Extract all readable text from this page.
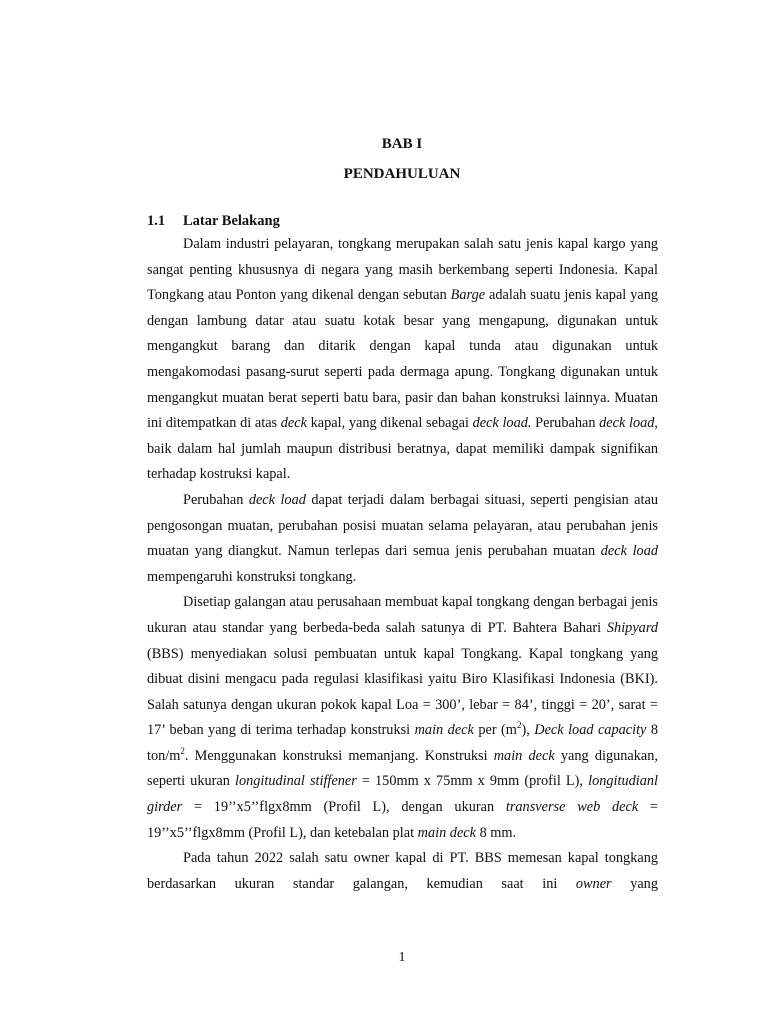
BAB I
PENDAHULUAN
1.1 Latar Belakang

Dalam industri pelayaran, tongkang merupakan salah satu jenis kapal kargo yang sangat penting khususnya di negara yang masih berkembang seperti Indonesia. Kapal Tongkang atau Ponton yang dikenal dengan sebutan Barge adalah suatu jenis kapal yang dengan lambung datar atau suatu kotak besar yang mengapung, digunakan untuk mengangkut barang dan ditarik dengan kapal tunda atau digunakan untuk mengakomodasi pasang-surut seperti pada dermaga apung. Tongkang digunakan untuk mengangkut muatan berat seperti batu bara, pasir dan bahan konstruksi lainnya. Muatan ini ditempatkan di atas deck kapal, yang dikenal sebagai deck load. Perubahan deck load, baik dalam hal jumlah maupun distribusi beratnya, dapat memiliki dampak signifikan terhadap kostruksi kapal.

Perubahan deck load dapat terjadi dalam berbagai situasi, seperti pengisian atau pengosongan muatan, perubahan posisi muatan selama pelayaran, atau perubahan jenis muatan yang diangkut. Namun terlepas dari semua jenis perubahan muatan deck load mempengaruhi konstruksi tongkang.

Disetiap galangan atau perusahaan membuat kapal tongkang dengan berbagai jenis ukuran atau standar yang berbeda-beda salah satunya di PT. Bahtera Bahari Shipyard (BBS) menyediakan solusi pembuatan untuk kapal Tongkang. Kapal tongkang yang dibuat disini mengacu pada regulasi klasifikasi yaitu Biro Klasifikasi Indonesia (BKI). Salah satunya dengan ukuran pokok kapal Loa = 300’, lebar = 84’, tinggi = 20’, sarat = 17’ beban yang di terima terhadap konstruksi main deck per $(m^2)$, Deck load capacity 8 ton/$m^2$. Menggunakan konstruksi memanjang. Konstruksi main deck yang digunakan, seperti ukuran longitudinal stiffener = 150mm x 75mm x 9mm (profil L), longitudianl girder = 19’’x5’’flgx8mm (Profil L), dengan ukuran transverse web deck = 19’’x5’’flgx8mm (Profil L), dan ketebalan plat main deck 8 mm.

Pada tahun 2022 salah satu owner kapal di PT. BBS memesan kapal tongkang berdasarkan ukuran standar galangan, kemudian saat ini owner yang

1
